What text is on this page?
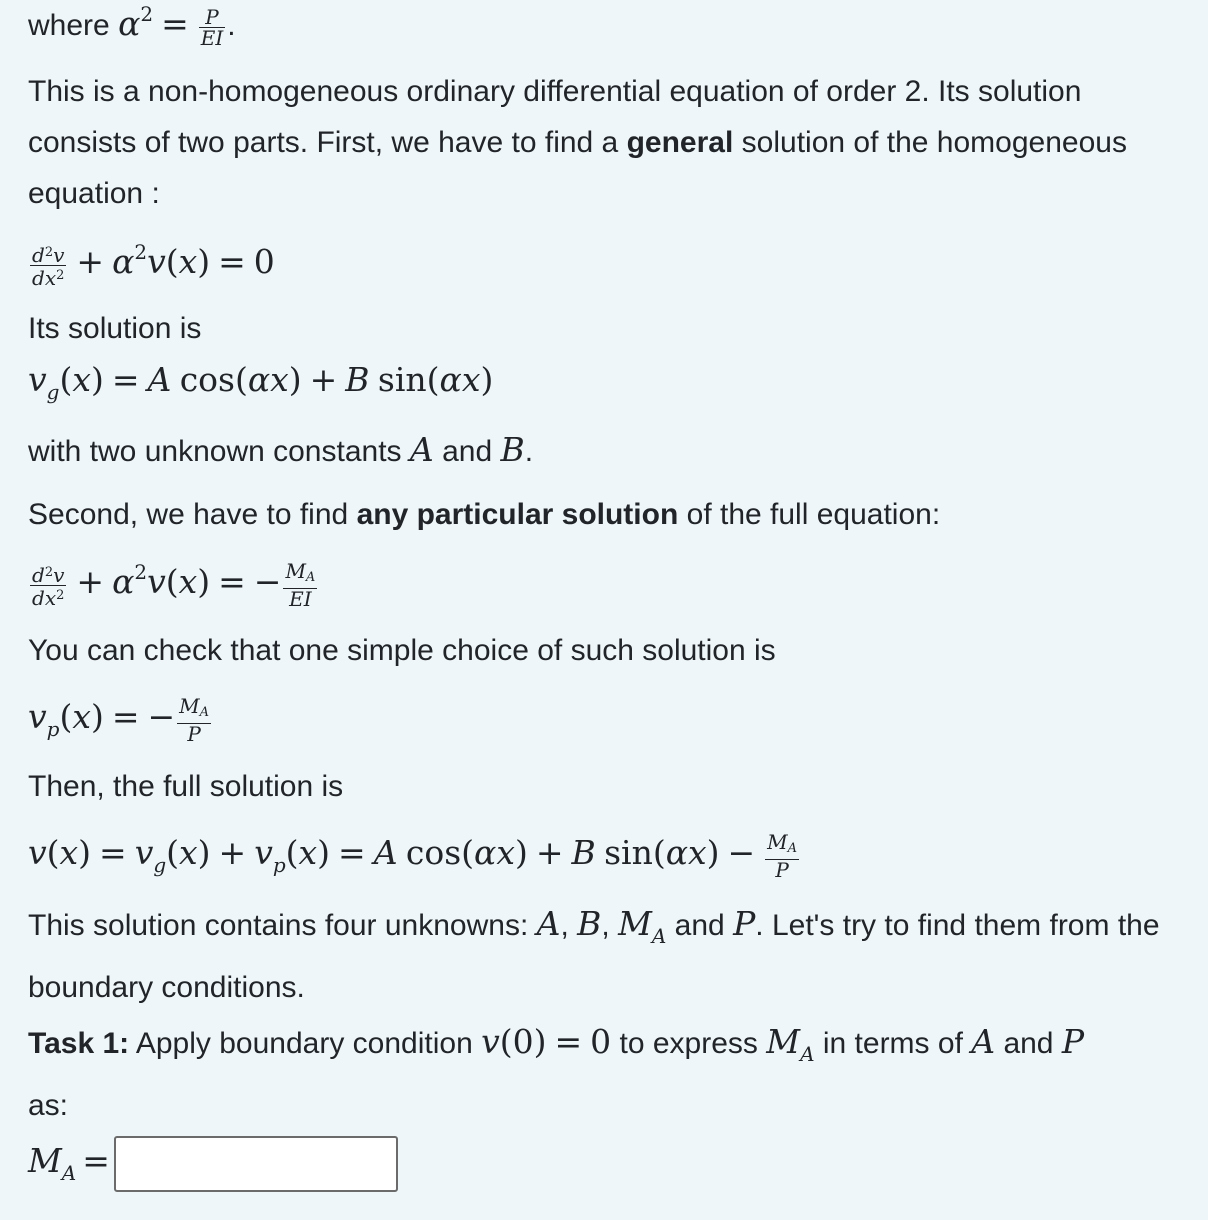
where $\alpha^2 = \frac{P}{EI}$ .
This is a non-homogeneous ordinary differential equation of order 2. Its solution consists of two parts. First, we have to find a general solution of the homogeneous equation :
$\frac{d^2v}{dx^2} + \alpha^2v(x) = 0$
Its solution is
$v_g(x) = A$ cos(αx) + B sin(αx)
with two unknown constants A and B.
Second, we have to find any particular solution of the full equation:
$\frac{d^2v}{dx^2} + \alpha^2v(x)$ = − $\frac{MA}{EI}$
You can check that one simple choice of such solution is
$v_p(x)$ = − $\frac{MA}{P}$
Then, the full solution is
$v(x) = v_g(x) + v_p(x) = A$ cos(αx) + B $\sin(\alpha x) - \frac{MA}{P}$
This solution contains four unknowns: A, B, $M_A$ and P. Let's try to find them from the boundary conditions.
Task 1: Apply boundary condition v(0) = 0 to express $M_A$ in terms of A and P
as:
$M_A$ =
